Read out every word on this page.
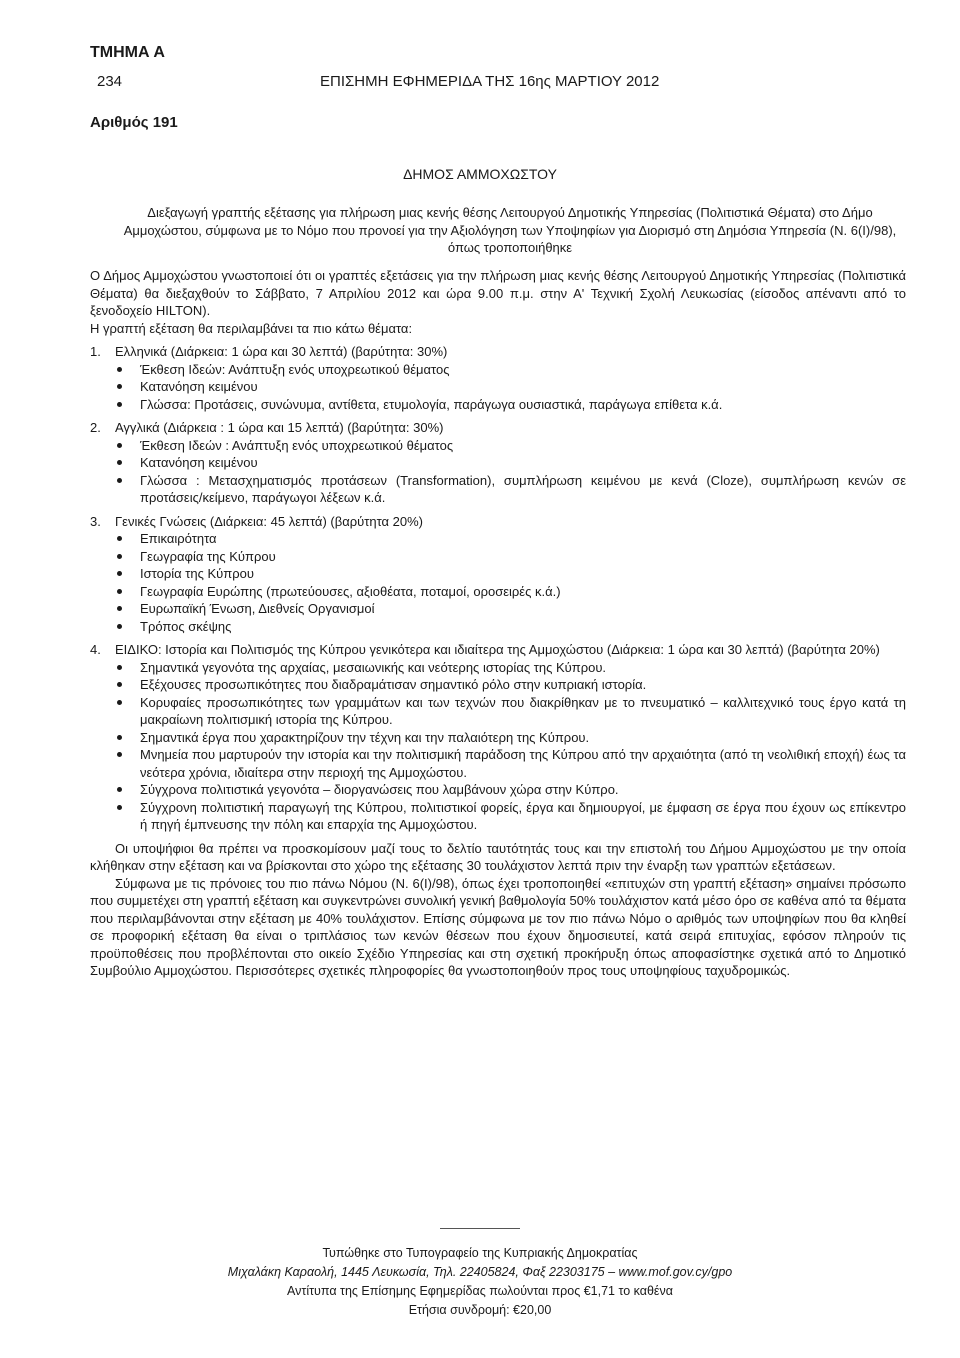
ΤΜΗΜΑ Α
234	ΕΠΙΣΗΜΗ ΕΦΗΜΕΡΙΔΑ ΤΗΣ 16ης ΜΑΡΤΙΟΥ 2012
Αριθμός 191
ΔΗΜΟΣ ΑΜΜΟΧΩΣΤΟΥ
Διεξαγωγή γραπτής εξέτασης για πλήρωση μιας κενής θέσης Λειτουργού Δημοτικής Υπηρεσίας (Πολιτιστικά Θέματα) στο Δήμο Αμμοχώστου, σύμφωνα με το Νόμο που προνοεί για την Αξιολόγηση των Υποψηφίων για Διορισμό στη Δημόσια Υπηρεσία (Ν. 6(Ι)/98), όπως τροποποιήθηκε

Ο Δήμος Αμμοχώστου γνωστοποιεί ότι οι γραπτές εξετάσεις για την πλήρωση μιας κενής θέσης Λειτουργού Δημοτικής Υπηρεσίας (Πολιτιστικά Θέματα) θα διεξαχθούν το Σάββατο, 7 Απριλίου 2012 και ώρα 9.00 π.μ. στην Α' Τεχνική Σχολή Λευκωσίας (είσοδος απέναντι από το ξενοδοχείο HILTON).

Η γραπτή εξέταση θα περιλαμβάνει τα πιο κάτω θέματα:

1. Ελληνικά (Διάρκεια: 1 ώρα και 30 λεπτά) (βαρύτητα: 30%)

Έκθεση Ιδεών: Ανάπτυξη ενός υποχρεωτικού θέματος
Κατανόηση κειμένου
Γλώσσα: Προτάσεις, συνώνυμα, αντίθετα, ετυμολογία, παράγωγα ουσιαστικά, παράγωγα επίθετα κ.ά.

2. Αγγλικά (Διάρκεια : 1 ώρα και 15 λεπτά) (βαρύτητα: 30%)

Έκθεση Ιδεών : Ανάπτυξη ενός υποχρεωτικού θέματος
Κατανόηση κειμένου
Γλώσσα : Μετασχηματισμός προτάσεων (Transformation), συμπλήρωση κειμένου με κενά (Cloze), συμπλήρωση κενών σε προτάσεις/κείμενο, παράγωγοι λέξεων κ.ά.

3. Γενικές Γνώσεις (Διάρκεια: 45 λεπτά) (βαρύτητα 20%)

Επικαιρότητα
Γεωγραφία της Κύπρου
Ιστορία της Κύπρου
Γεωγραφία Ευρώπης (πρωτεύουσες, αξιοθέατα, ποταμοί, οροσειρές κ.ά.)
Ευρωπαϊκή Ένωση, Διεθνείς Οργανισμοί
Τρόπος σκέψης

4. ΕΙΔΙΚΟ: Ιστορία και Πολιτισμός της Κύπρου γενικότερα και ιδιαίτερα της Αμμοχώστου (Διάρκεια: 1 ώρα και 30 λεπτά) (βαρύτητα 20%)

Σημαντικά γεγονότα της αρχαίας, μεσαιωνικής και νεότερης ιστορίας της Κύπρου.
Εξέχουσες προσωπικότητες που διαδραμάτισαν σημαντικό ρόλο στην κυπριακή ιστορία.
Κορυφαίες προσωπικότητες των γραμμάτων και των τεχνών που διακρίθηκαν με το πνευματικό – καλλιτεχνικό τους έργο κατά τη μακραίωνη πολιτισμική ιστορία της Κύπρου.
Σημαντικά έργα που χαρακτηρίζουν την τέχνη και την παλαιότερη της Κύπρου.
Μνημεία που μαρτυρούν την ιστορία και την πολιτισμική παράδοση της Κύπρου από την αρχαιότητα (από τη νεολιθική εποχή) έως τα νεότερα χρόνια, ιδιαίτερα στην περιοχή της Αμμοχώστου.
Σύγχρονα πολιτιστικά γεγονότα – διοργανώσεις που λαμβάνουν χώρα στην Κύπρο.
Σύγχρονη πολιτιστική παραγωγή της Κύπρου, πολιτιστικοί φορείς, έργα και δημιουργοί, με έμφαση σε έργα που έχουν ως επίκεντρο ή πηγή έμπνευσης την πόλη και επαρχία της Αμμοχώστου.

Οι υποψήφιοι θα πρέπει να προσκομίσουν μαζί τους το δελτίο ταυτότητάς τους και την επιστολή του Δήμου Αμμοχώστου με την οποία κλήθηκαν στην εξέταση και να βρίσκονται στο χώρο της εξέτασης 30 τουλάχιστον λεπτά πριν την έναρξη των γραπτών εξετάσεων.

Σύμφωνα με τις πρόνοιες του πιο πάνω Νόμου (Ν. 6(Ι)/98), όπως έχει τροποποιηθεί «επιτυχών στη γραπτή εξέταση» σημαίνει πρόσωπο που συμμετέχει στη γραπτή εξέταση και συγκεντρώνει συνολική γενική βαθμολογία 50% τουλάχιστον κατά μέσο όρο σε καθένα από τα θέματα που περιλαμβάνονται στην εξέταση με 40% τουλάχιστον. Επίσης σύμφωνα με τον πιο πάνω Νόμο ο αριθμός των υποψηφίων που θα κληθεί σε προφορική εξέταση θα είναι ο τριπλάσιος των κενών θέσεων που έχουν δημοσιευτεί, κατά σειρά επιτυχίας, εφόσον πληρούν τις προϋποθέσεις που προβλέπονται στο οικείο Σχέδιο Υπηρεσίας και στη σχετική προκήρυξη όπως αποφασίστηκε σχετικά από το Δημοτικό Συμβούλιο Αμμοχώστου. Περισσότερες σχετικές πληροφορίες θα γνωστοποιηθούν προς τους υποψηφίους ταχυδρομικώς.

Τυπώθηκε στο Τυπογραφείο της Κυπριακής Δημοκρατίας
Μιχαλάκη Καραολή, 1445 Λευκωσία, Τηλ. 22405824, Φαξ 22303175 – www.mof.gov.cy/gpo
Αντίτυπα της Επίσημης Εφημερίδας πωλούνται προς €1,71 το καθένα
Ετήσια συνδρομή: €20,00
